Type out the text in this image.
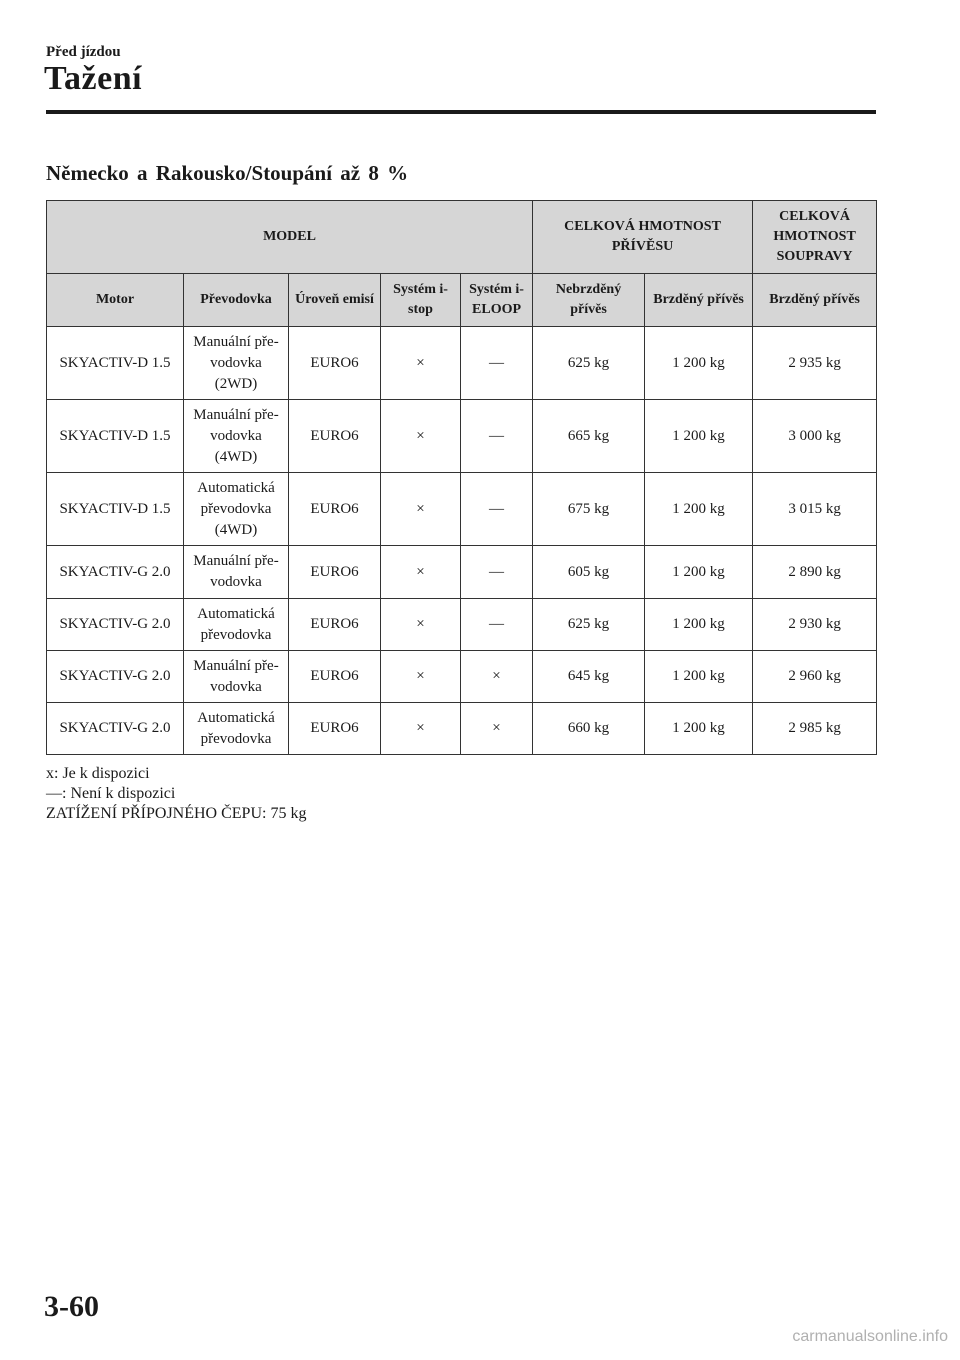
Před jízdou
Tažení
Německo a Rakousko/Stoupání až 8 %
MODEL					CELKOVÁ HMOTNOST PŘÍVĚSU		CELKOVÁ HMOTNOST SOUPRAVY
Motor	Převodovka	Úroveň emisí	Systém i-stop	Systém i-ELOOP	Nebrzděný přívěs	Brzděný přívěs	Brzděný přívěs
SKYACTIV-D 1.5	Manuální pře-
vodovka
(2WD)	EURO6	×	—	625 kg	1 200 kg	2 935 kg
SKYACTIV-D 1.5	Manuální pře-
vodovka
(4WD)	EURO6	×	—	665 kg	1 200 kg	3 000 kg
SKYACTIV-D 1.5	Automatická
převodovka
(4WD)	EURO6	×	—	675 kg	1 200 kg	3 015 kg
SKYACTIV-G 2.0	Manuální pře-
vodovka	EURO6	×	—	605 kg	1 200 kg	2 890 kg
SKYACTIV-G 2.0	Automatická
převodovka	EURO6	×	—	625 kg	1 200 kg	2 930 kg
SKYACTIV-G 2.0	Manuální pře-
vodovka	EURO6	×	×	645 kg	1 200 kg	2 960 kg
SKYACTIV-G 2.0	Automatická
převodovka	EURO6	×	×	660 kg	1 200 kg	2 985 kg
x: Je k dispozici
―: Není k dispozici
ZATÍŽENÍ PŘÍPOJNÉHO ČEPU: 75 kg
3-60
carmanualsonline.info
